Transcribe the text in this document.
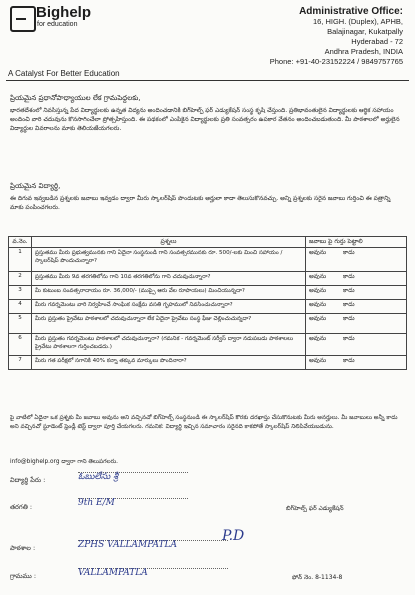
Bighelp
for education
A Catalyst For Better Education
Administrative Office:
16, HIGH. (Duplex), APHB,
Balajinagar, Kukatpally
Hyderabad - 72
Andhra Pradesh, INDIA
Phone: +91-40-23152224 / 9849757765
ప్రియమైన ప్రధానోపాధ్యాయుల లేక గ్రామపెద్దలకు,
భారతదేశంలో నివసిస్తున్న పేద విద్యార్థులకు ఉన్నత విద్యను అందించడానికి బిగ్‌హెల్ప్ ఫర్ ఎడ్యుకేషన్ సంస్థ కృషి చేస్తుంది. ప్రతిభావంతులైన విద్యార్థులకు ఆర్థిక సహాయం అందించి వారి చదువును కొనసాగించేలా ప్రోత్సహిస్తుంది. ఈ పథకంలో ఎంపికైన విద్యార్థులకు ప్రతి సంవత్సరం ఉపకార వేతనం అందించబడుతుంది. మీ పాఠశాలలో అర్హులైన విద్యార్థుల వివరాలను మాకు తెలియజేయగలరు.
ప్రియమైన విద్యార్థి,
ఈ దిగువ ఇవ్వబడిన ప్రశ్నలకు జవాబు ఇవ్వడం ద్వారా మీరు స్కాలర్‌షిప్ పొందుటకు అర్హులా కాదా తెలుసుకొనవచ్చు. అన్ని ప్రశ్నలకు సరైన జవాబు గుర్తించి ఈ పత్రాన్ని మాకు పంపించగలరు.
వ.నెం.	ప్రశ్నలు	జవాబు పై గుర్తు పెట్టాలి
1	ప్రస్తుతము మీరు ప్రభుత్వమునకు గాని ఏదైనా సంస్థనుండి గాని సంవత్సరమునకు రూ. 500/-లకు మించి సహాయం / స్కాలర్‌షిప్ పొందుచున్నారా?	అవును కాదు
2	ప్రస్తుతము మీరు 9వ తరగతిలోను గాని 10వ తరగతిలోను గాని చదువుచున్నారా?	అవును కాదు
3	మీ కుటుంబ సంవత్సరాదాయం రూ. 36,000/- (ముప్పై ఆరు వేల రూపాయలు) మించియున్నదా?	అవును కాదు
4	మీరు గవర్నమెంటు వారి నిర్వహించే సాంఘిక సంక్షేమ వసతి గృహములో నివసించుచున్నారా?	అవును కాదు
5	మీరు ప్రస్తుతం ప్రైవేటు పాఠశాలలో చదువుచున్నారా లేక ఏదైనా ప్రైవేటు సంస్థ ఫీజు చెల్లించుచున్నదా?	అవును కాదు
6	మీరు ప్రస్తుతం గవర్నమెంటు పాఠశాలలో చదువుచున్నారా? (గమనిక - గవర్నమెంట్ సర్వీస్ ద్వారా నడుపబడు పాఠశాలలు ప్రైవేటు పాఠశాలగా గుర్తించబడదు.)	అవును కాదు
7	మీరు గత పరీక్షలో సగానికి 40% కన్నా తక్కువ మార్కులు పొందినారా?	అవును కాదు
పై వాటిలో ఏదైనా ఒక ప్రశ్నకు మీ జవాబు అవును అని వచ్చినచో బిగ్‌హెల్ప్ సంస్థనుండి ఈ స్కాలర్‌షిప్ కొరకు దరఖాస్తు చేసుకొనుటకు మీరు అనర్హులు. మీ జవాబులు అన్నీ కాదు అని వచ్చినచో స్టూడెంట్ ఫ్రెండ్లీ టెస్ట్ ద్వారా పూర్తి చేయగలరు. గమనిక: విద్యార్థి ఇచ్చిన సమాచారం సరైనది కాకపోతే స్కాలర్‌షిప్ నిలిపివేయబడును.
info@bighelp.org ద్వారా గాని తెలుపగలరు.
విద్యార్థి పేరు :	ఓబులేసు శ్రీ
తరగతి :	9th E/M
పాఠశాల :	ZPHS VALLAMPATLA
గ్రామము :	VALLAMPATLA
P.D
బిగ్‌హెల్ప్ ఫర్ ఎడ్యుకేషన్
ఫోన్ నెం. 8-1134-8
